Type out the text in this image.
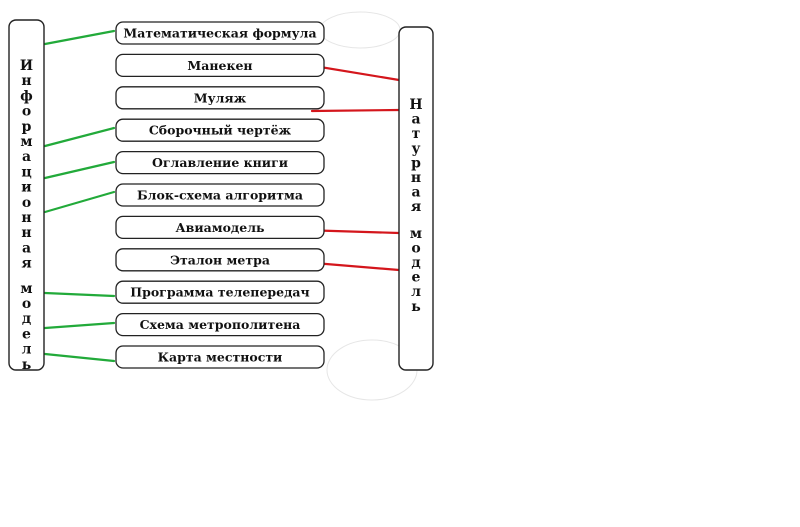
И н ф о р м а ц и о н н а я
м о д е л ь
Н а т у р н а я
м о д е л ь
Математическая формула
Манекен
Муляж
Сборочный чертёж
Оглавление книги
Блок-схема алгоритма
Авиамодель
Эталон метра
Программа телепередач
Схема метрополитена
Карта местности
